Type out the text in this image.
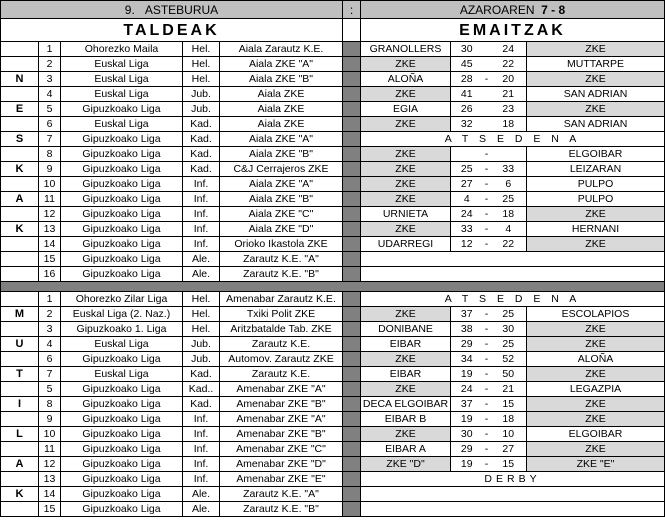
9. ASTEBURUA					:	AZAROAREN 7 - 8				
TALDEAK						EMAITZAK				
	1	Ohorezko Maila	Hel.	Aiala Zarautz K.E.		GRANOLLERS	30		24	ZKE
	2	Euskal Liga	Hel.	Aiala ZKE "A"		ZKE	45		22	MUTTARPE
N	3	Euskal Liga	Hel.	Aiala ZKE "B"		ALOÑA	28	-	20	ZKE
	4	Euskal Liga	Jub.	Aiala ZKE		ZKE	41		21	SAN ADRIAN
E	5	Gipuzkoako Liga	Jub.	Aiala ZKE		EGIA	26		23	ZKE
	6	Euskal Liga	Kad.	Aiala ZKE		ZKE	32		18	SAN ADRIAN
S	7	Gipuzkoako Liga	Kad.	Aiala ZKE "A"		A T S E D E N A				
	8	Gipuzkoako Liga	Kad.	Aiala ZKE "B"		ZKE		-		ELGOIBAR
K	9	Gipuzkoako Liga	Kad.	C&J Cerrajeros ZKE		ZKE	25	-	33	LEIZARAN
	10	Gipuzkoako Liga	Inf.	Aiala ZKE "A"		ZKE	27	-	6	PULPO
A	11	Gipuzkoako Liga	Inf.	Aiala ZKE "B"		ZKE	4	-	25	PULPO
	12	Gipuzkoako Liga	Inf.	Aiala ZKE "C"		URNIETA	24	-	18	ZKE
K	13	Gipuzkoako Liga	Inf.	Aiala ZKE "D"		ZKE	33	-	4	HERNANI
	14	Gipuzkoako Liga	Inf.	Orioko Ikastola ZKE		UDARREGI	12	-	22	ZKE
	15	Gipuzkoako Liga	Ale.	Zarautz K.E. "A"						
	16	Gipuzkoako Liga	Ale.	Zarautz K.E. "B"						

	1	Ohorezko Zilar Liga	Hel.	Amenabar Zarautz K.E.		A T S E D E N A				
M	2	Euskal Liga (2. Naz.)	Hel.	Txiki Polit ZKE		ZKE	37	-	25	ESCOLAPIOS
	3	Gipuzkoako 1. Liga	Hel.	Aritzbatalde Tab. ZKE		DONIBANE	38	-	30	ZKE
U	4	Euskal Liga	Jub.	Zarautz K.E.		EIBAR	29	-	25	ZKE
	6	Gipuzkoako Liga	Jub.	Automov. Zarautz ZKE		ZKE	34	-	52	ALOÑA
T	7	Euskal Liga	Kad.	Zarautz K.E.		EIBAR	19	-	50	ZKE
	5	Gipuzkoako Liga	Kad..	Amenabar ZKE "A"		ZKE	24	-	21	LEGAZPIA
I	8	Gipuzkoako Liga	Kad.	Amenabar ZKE "B"		DECA ELGOIBAR	37	-	15	ZKE
	9	Gipuzkoako Liga	Inf.	Amenabar ZKE "A"		EIBAR B	19	-	18	ZKE
L	10	Gipuzkoako Liga	Inf.	Amenabar ZKE "B"		ZKE	30	-	10	ELGOIBAR
	11	Gipuzkoako Liga	Inf.	Amenabar ZKE "C"		EIBAR A	29	-	27	ZKE
A	12	Gipuzkoako Liga	Inf.	Amenabar ZKE "D"		ZKE "D"	19	-	15	ZKE "E"
	13	Gipuzkoako Liga	Inf.	Amenabar ZKE "E"		DERBY				
K	14	Gipuzkoako Liga	Ale.	Zarautz K.E. "A"						
	15	Gipuzkoako Liga	Ale.	Zarautz K.E. "B"						
